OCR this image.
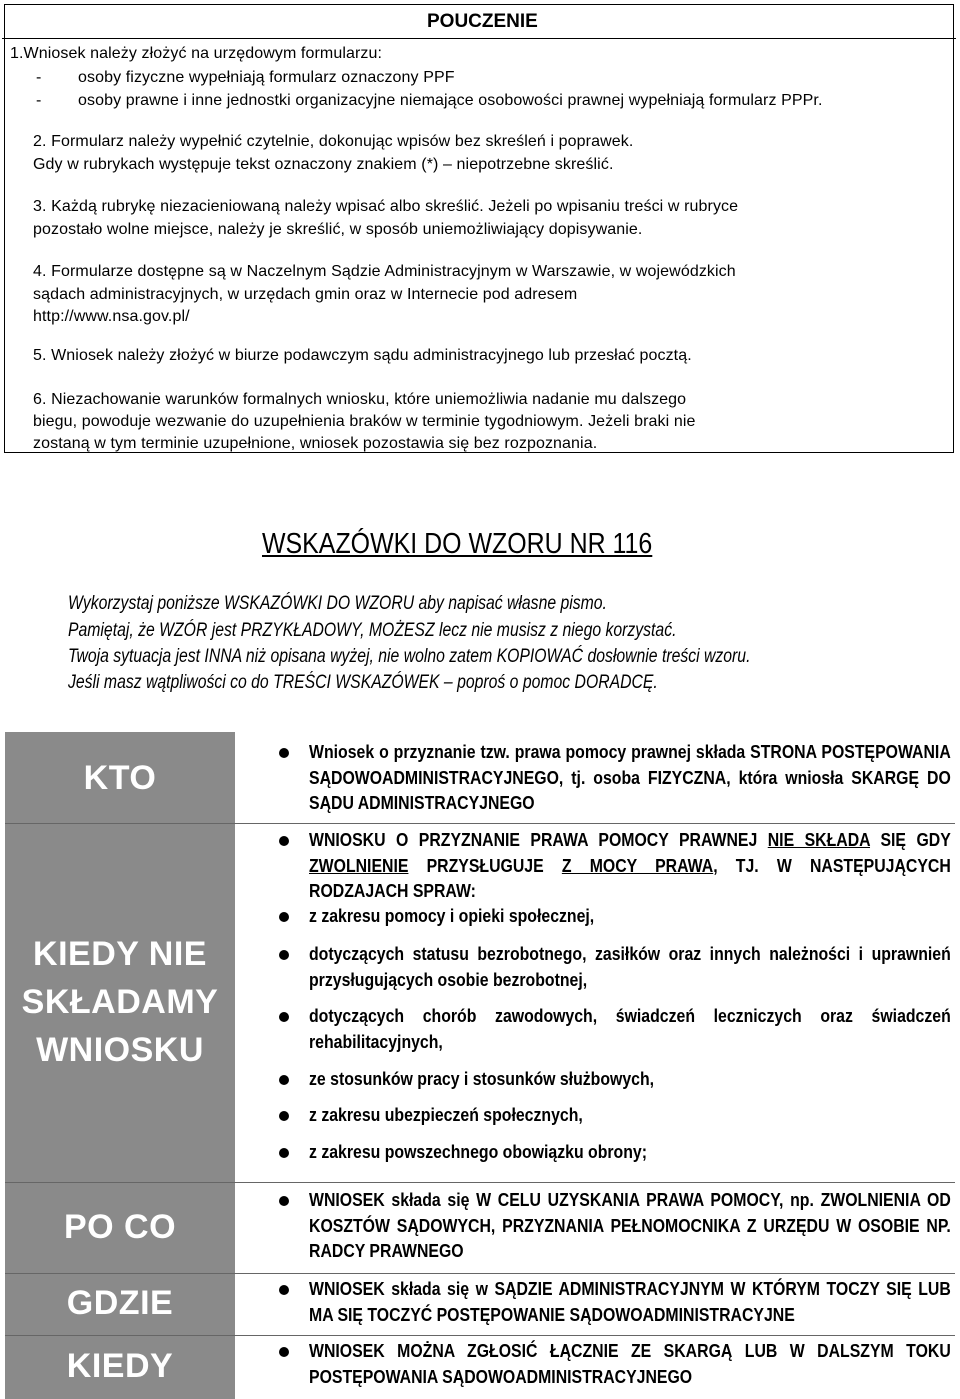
POUCZENIE
1.Wniosek należy złożyć na urzędowym formularzu:
- osoby fizyczne wypełniają formularz oznaczony PPF
- osoby prawne i inne jednostki organizacyjne niemające osobowości prawnej wypełniają formularz PPPr.
2. Formularz należy wypełnić czytelnie, dokonując wpisów bez skreśleń i poprawek.
Gdy w rubrykach występuje tekst oznaczony znakiem (*) – niepotrzebne skreślić.
3. Każdą rubrykę niezacieniowaną należy wpisać albo skreślić. Jeżeli po wpisaniu treści w rubryce
pozostało wolne miejsce, należy je skreślić, w sposób uniemożliwiający dopisywanie.
4. Formularze dostępne są w Naczelnym Sądzie Administracyjnym w Warszawie, w wojewódzkich
sądach administracyjnych, w urzędach gmin oraz w Internecie pod adresem
http://www.nsa.gov.pl/
5. Wniosek należy złożyć w biurze podawczym sądu administracyjnego lub przesłać pocztą.
6. Niezachowanie warunków formalnych wniosku, które uniemożliwia nadanie mu dalszego
biegu, powoduje wezwanie do uzupełnienia braków w terminie tygodniowym. Jeżeli braki nie
zostaną w tym terminie uzupełnione, wniosek pozostawia się bez rozpoznania.
WSKAZÓWKI DO WZORU NR 116
Wykorzystaj poniższe WSKAZÓWKI DO WZORU aby napisać własne pismo.
Pamiętaj, że WZÓR jest PRZYKŁADOWY, MOŻESZ lecz nie musisz z niego korzystać.
Twoja sytuacja jest INNA niż opisana wyżej, nie wolno zatem KOPIOWAĆ dosłownie treści wzoru.
Jeśli masz wątpliwości co do TREŚCI WSKAZÓWEK – poproś o pomoc DORADCĘ.
KTO
KIEDY NIE
SKŁADAMY
WNIOSKU
PO CO
GDZIE
KIEDY
Wniosek o przyznanie tzw. prawa pomocy prawnej składa STRONA POSTĘPOWANIA SĄDOWOADMINISTRACYJNEGO, tj. osoba FIZYCZNA, która wniosła SKARGĘ DO SĄDU ADMINISTRACYJNEGO
WNIOSKU O PRZYZNANIE PRAWA POMOCY PRAWNEJ NIE SKŁADA SIĘ GDY ZWOLNIENIE PRZYSŁUGUJE Z MOCY PRAWA, TJ. W NASTĘPUJĄCYCH RODZAJACH SPRAW:
z zakresu pomocy i opieki społecznej,
dotyczących statusu bezrobotnego, zasiłków oraz innych należności i uprawnień przysługujących osobie bezrobotnej,
dotyczących chorób zawodowych, świadczeń leczniczych oraz świadczeń rehabilitacyjnych,
ze stosunków pracy i stosunków służbowych,
z zakresu ubezpieczeń społecznych,
z zakresu powszechnego obowiązku obrony;
WNIOSEK składa się W CELU UZYSKANIA PRAWA POMOCY, np. ZWOLNIENIA OD KOSZTÓW SĄDOWYCH, PRZYZNANIA PEŁNOMOCNIKA Z URZĘDU W OSOBIE NP. RADCY PRAWNEGO
WNIOSEK składa się w SĄDZIE ADMINISTRACYJNYM W KTÓRYM TOCZY SIĘ LUB MA SIĘ TOCZYĆ POSTĘPOWANIE SĄDOWOADMINISTRACYJNE
WNIOSEK MOŻNA ZGŁOSIĆ ŁĄCZNIE ZE SKARGĄ LUB W DALSZYM TOKU POSTĘPOWANIA SĄDOWOADMINISTRACYJNEGO
